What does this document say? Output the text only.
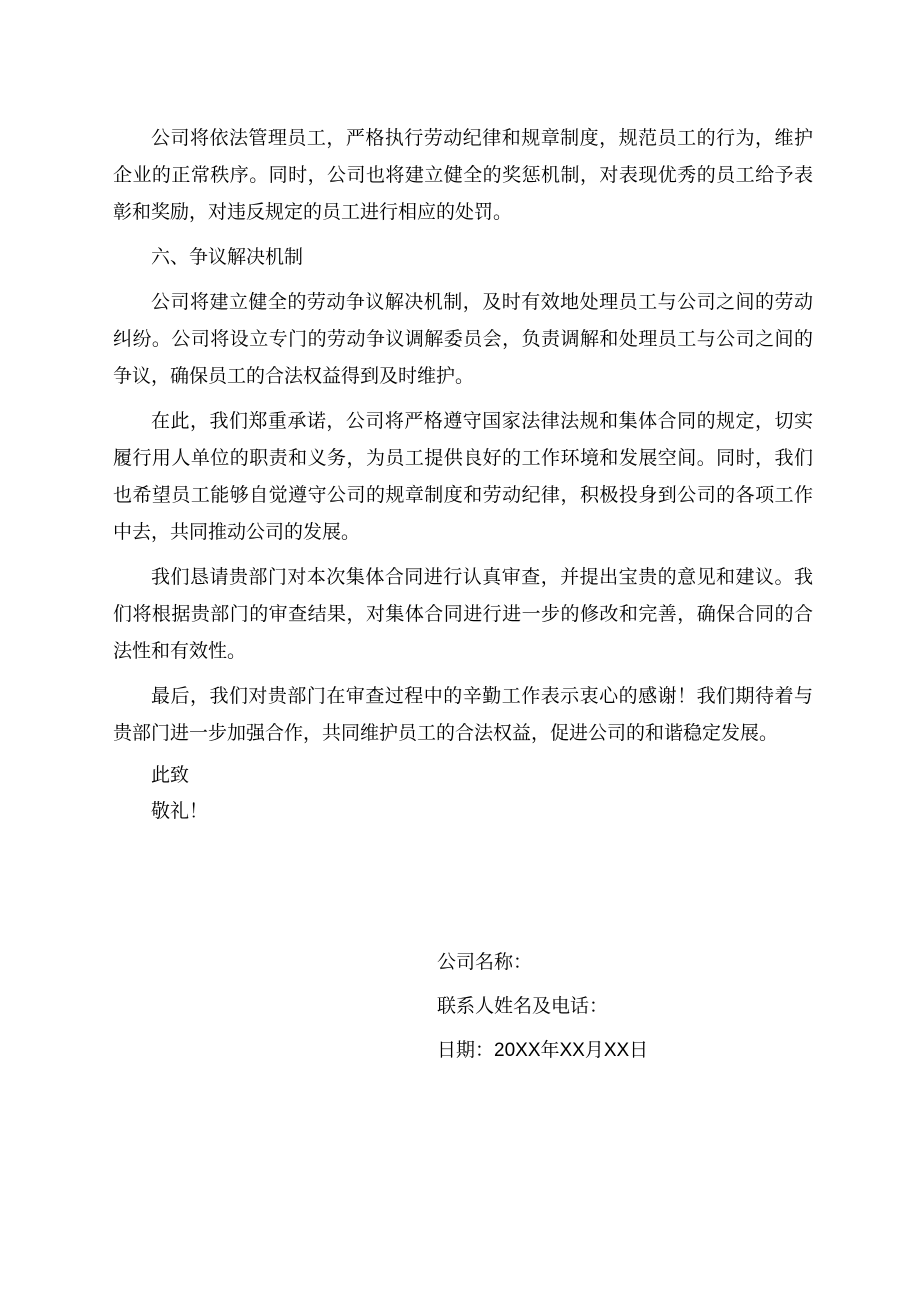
公司将依法管理员工，严格执行劳动纪律和规章制度，规范员工的行为，维护企业的正常秩序。同时，公司也将建立健全的奖惩机制，对表现优秀的员工给予表彰和奖励，对违反规定的员工进行相应的处罚。

六、争议解决机制

公司将建立健全的劳动争议解决机制，及时有效地处理员工与公司之间的劳动纠纷。公司将设立专门的劳动争议调解委员会，负责调解和处理员工与公司之间的争议，确保员工的合法权益得到及时维护。

在此，我们郑重承诺，公司将严格遵守国家法律法规和集体合同的规定，切实履行用人单位的职责和义务，为员工提供良好的工作环境和发展空间。同时，我们也希望员工能够自觉遵守公司的规章制度和劳动纪律，积极投身到公司的各项工作中去，共同推动公司的发展。

我们恳请贵部门对本次集体合同进行认真审查，并提出宝贵的意见和建议。我们将根据贵部门的审查结果，对集体合同进行进一步的修改和完善，确保合同的合法性和有效性。

最后，我们对贵部门在审查过程中的辛勤工作表示衷心的感谢！我们期待着与贵部门进一步加强合作，共同维护员工的合法权益，促进公司的和谐稳定发展。

此致

敬礼！

公司名称：

联系人姓名及电话：

日期：20XX年XX月XX日
